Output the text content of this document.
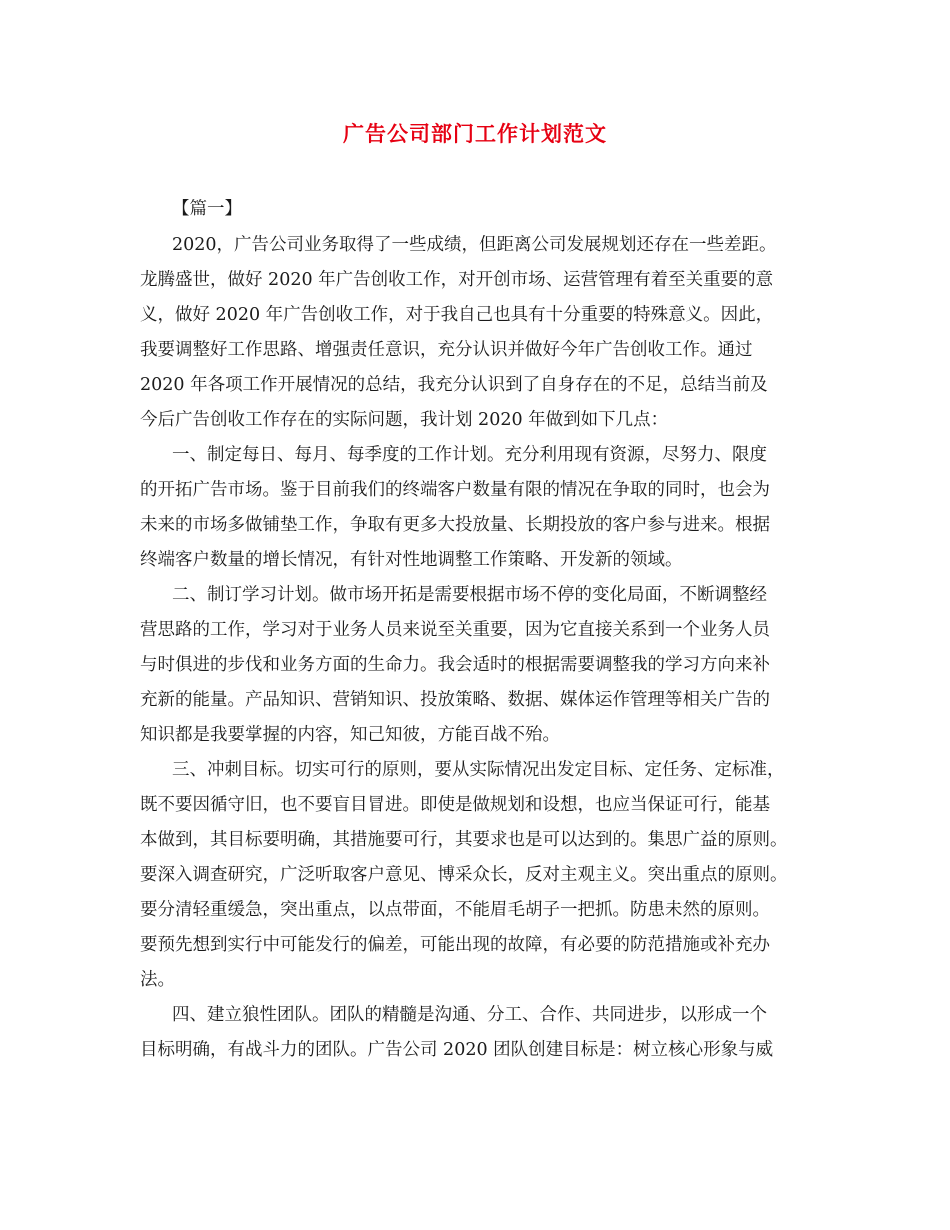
广告公司部门工作计划范文
【篇一】
2020，广告公司业务取得了一些成绩，但距离公司发展规划还存在一些差距。
龙腾盛世，做好 2020 年广告创收工作，对开创市场、运营管理有着至关重要的意
义，做好 2020 年广告创收工作，对于我自己也具有十分重要的特殊意义。因此，
我要调整好工作思路、增强责任意识，充分认识并做好今年广告创收工作。通过
2020 年各项工作开展情况的总结，我充分认识到了自身存在的不足，总结当前及
今后广告创收工作存在的实际问题，我计划 2020 年做到如下几点：
一、制定每日、每月、每季度的工作计划。充分利用现有资源，尽努力、限度
的开拓广告市场。鉴于目前我们的终端客户数量有限的情况在争取的同时，也会为
未来的市场多做铺垫工作，争取有更多大投放量、长期投放的客户参与进来。根据
终端客户数量的增长情况，有针对性地调整工作策略、开发新的领域。
二、制订学习计划。做市场开拓是需要根据市场不停的变化局面，不断调整经
营思路的工作，学习对于业务人员来说至关重要，因为它直接关系到一个业务人员
与时俱进的步伐和业务方面的生命力。我会适时的根据需要调整我的学习方向来补
充新的能量。产品知识、营销知识、投放策略、数据、媒体运作管理等相关广告的
知识都是我要掌握的内容，知己知彼，方能百战不殆。
三、冲刺目标。切实可行的原则，要从实际情况出发定目标、定任务、定标准，
既不要因循守旧，也不要盲目冒进。即使是做规划和设想，也应当保证可行，能基
本做到，其目标要明确，其措施要可行，其要求也是可以达到的。集思广益的原则。
要深入调查研究，广泛听取客户意见、博采众长，反对主观主义。突出重点的原则。
要分清轻重缓急，突出重点，以点带面，不能眉毛胡子一把抓。防患未然的原则。
要预先想到实行中可能发行的偏差，可能出现的故障，有必要的防范措施或补充办
法。
四、建立狼性团队。团队的精髓是沟通、分工、合作、共同进步，以形成一个
目标明确，有战斗力的团队。广告公司 2020 团队创建目标是：树立核心形象与威
